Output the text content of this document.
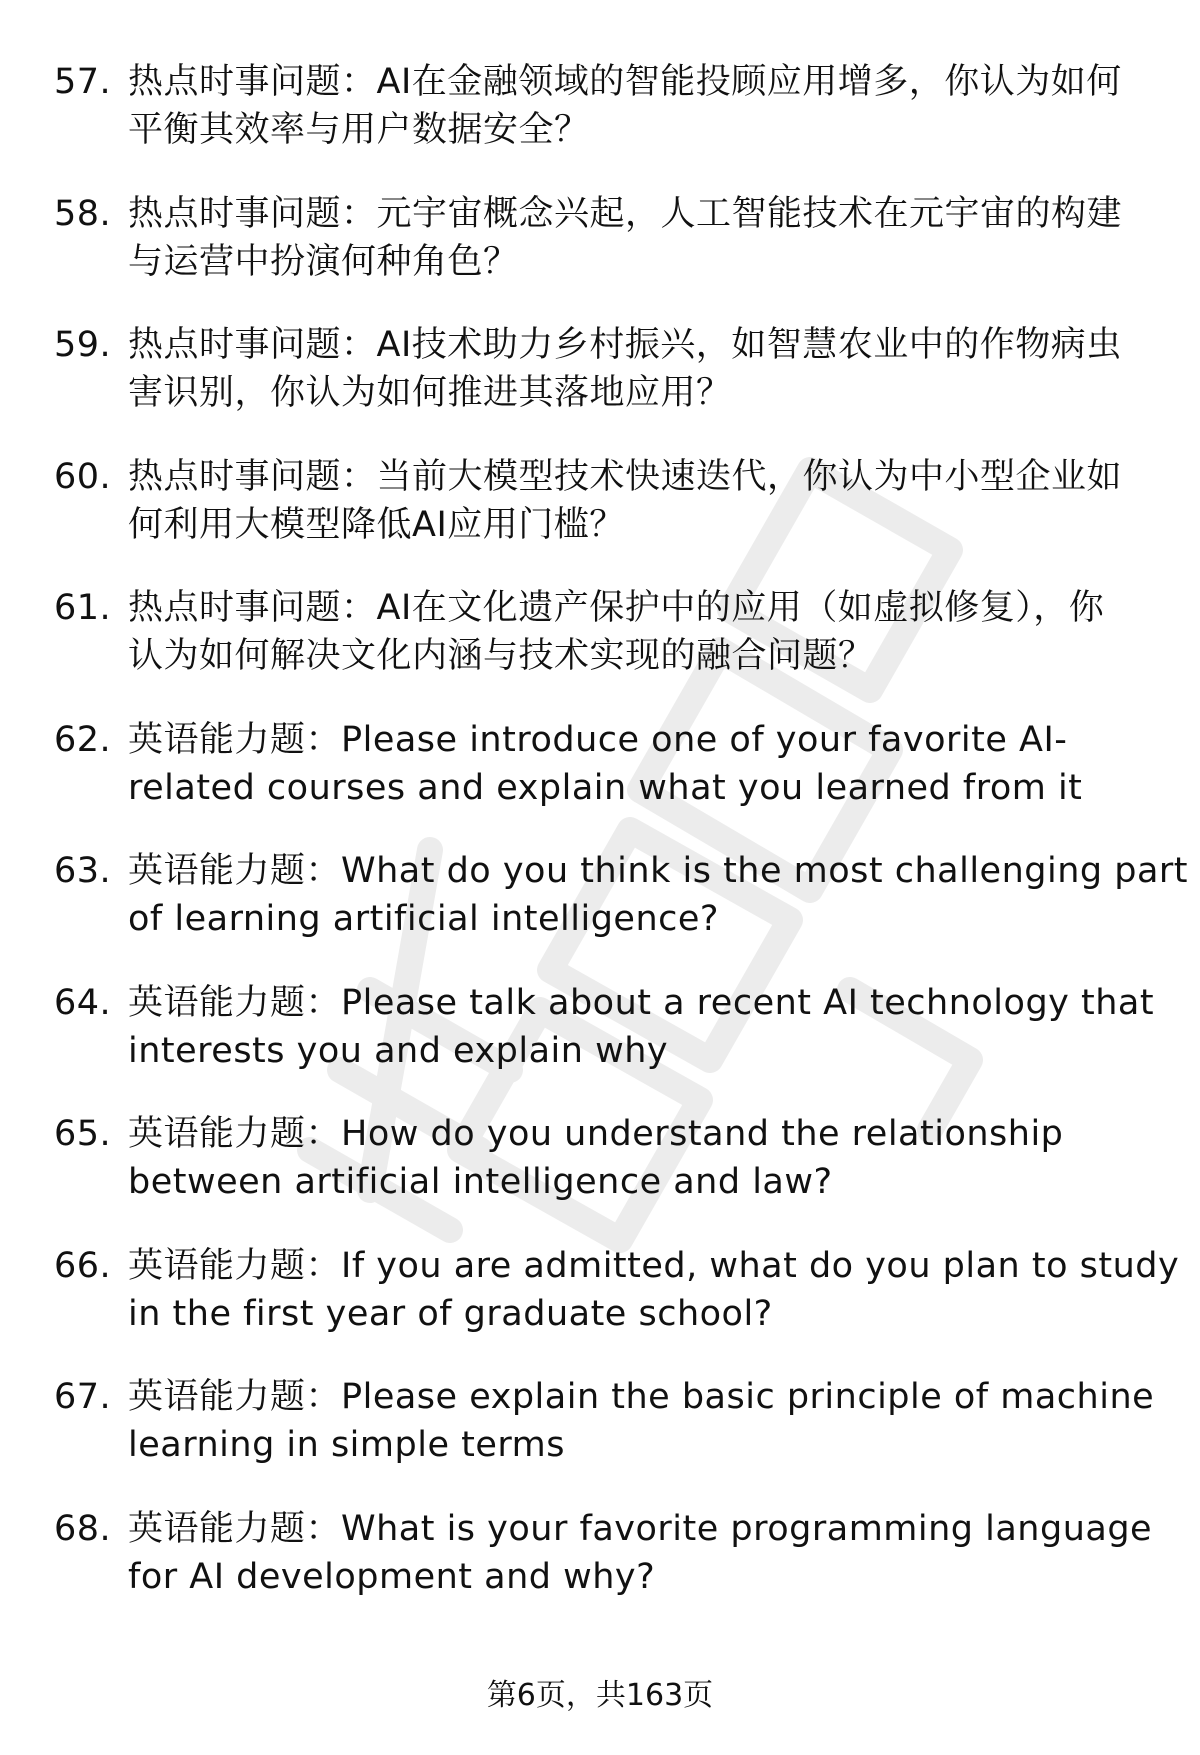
57. 热点时事问题：AI在金融领域的智能投顾应用增多，你认为如何
平衡其效率与用户数据安全？
58. 热点时事问题：元宇宙概念兴起，人工智能技术在元宇宙的构建
与运营中扮演何种角色？
59. 热点时事问题：AI技术助力乡村振兴，如智慧农业中的作物病虫
害识别，你认为如何推进其落地应用？
60. 热点时事问题：当前大模型技术快速迭代，你认为中小型企业如
何利用大模型降低AI应用门槛？
61. 热点时事问题：AI在文化遗产保护中的应用（如虚拟修复），你
认为如何解决文化内涵与技术实现的融合问题？
62. 英语能力题：Please introduce one of your favorite AI-
related courses and explain what you learned from it
63. 英语能力题：What do you think is the most challenging part
of learning artificial intelligence?
64. 英语能力题：Please talk about a recent AI technology that
interests you and explain why
65. 英语能力题：How do you understand the relationship
between artificial intelligence and law?
66. 英语能力题：If you are admitted, what do you plan to study
in the first year of graduate school?
67. 英语能力题：Please explain the basic principle of machine
learning in simple terms
68. 英语能力题：What is your favorite programming language
for AI development and why?
第6页，共163页
